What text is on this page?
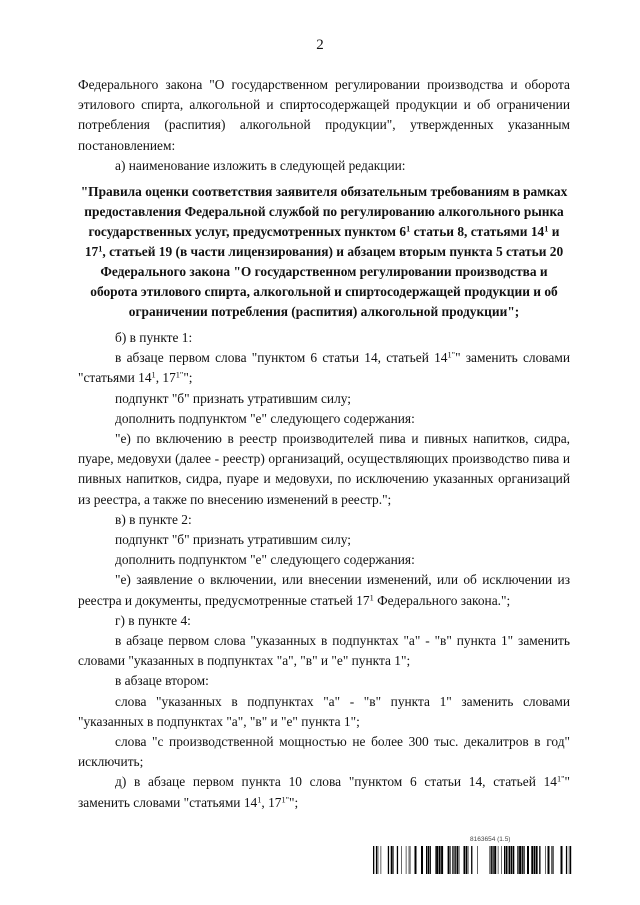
2

Федерального закона "О государственном регулировании производства и оборота этилового спирта, алкогольной и спиртосодержащей продукции и об ограничении потребления (распития) алкогольной продукции", утвержденных указанным постановлением:

а) наименование изложить в следующей редакции:

"Правила оценки соответствия заявителя обязательным требованиям в рамках предоставления Федеральной службой по регулированию алкогольного рынка государственных услуг, предусмотренных пунктом $6^1$ статьи 8, статьями $14^1$ и $17^1$, статьей 19 (в части лицензирования) и абзацем вторым пункта 5 статьи 20 Федерального закона "О государственном регулировании производства и оборота этилового спирта, алкогольной и спиртосодержащей продукции и об ограничении потребления (распития) алкогольной продукции";

б) в пункте 1:

в абзаце первом слова "пунктом 6 статьи 14, статьей $14^{1"}$" заменить словами "статьями $14^1$, $17^{1"}$";

подпункт "б" признать утратившим силу;

дополнить подпунктом "е" следующего содержания:

"е) по включению в реестр производителей пива и пивных напитков, сидра, пуаре, медовухи (далее - реестр) организаций, осуществляющих производство пива и пивных напитков, сидра, пуаре и медовухи, по исключению указанных организаций из реестра, а также по внесению изменений в реестр.";

в) в пункте 2:

подпункт "б" признать утратившим силу;

дополнить подпунктом "е" следующего содержания:

"е) заявление о включении, или внесении изменений, или об исключении из реестра и документы, предусмотренные статьей $17^1$ Федерального закона.";

г) в пункте 4:

в абзаце первом слова "указанных в подпунктах "а" - "в" пункта 1" заменить словами "указанных в подпунктах "а", "в" и "е" пункта 1";

в абзаце втором:

слова "указанных в подпунктах "а" - "в" пункта 1" заменить словами "указанных в подпунктах "а", "в" и "е" пункта 1";

слова "с производственной мощностью не более 300 тыс. декалитров в год" исключить;

д) в абзаце первом пункта 10 слова "пунктом 6 статьи 14, статьей $14^{1"}$" заменить словами "статьями $14^1$, $17^{1"}$";

8163654 (1.5)
